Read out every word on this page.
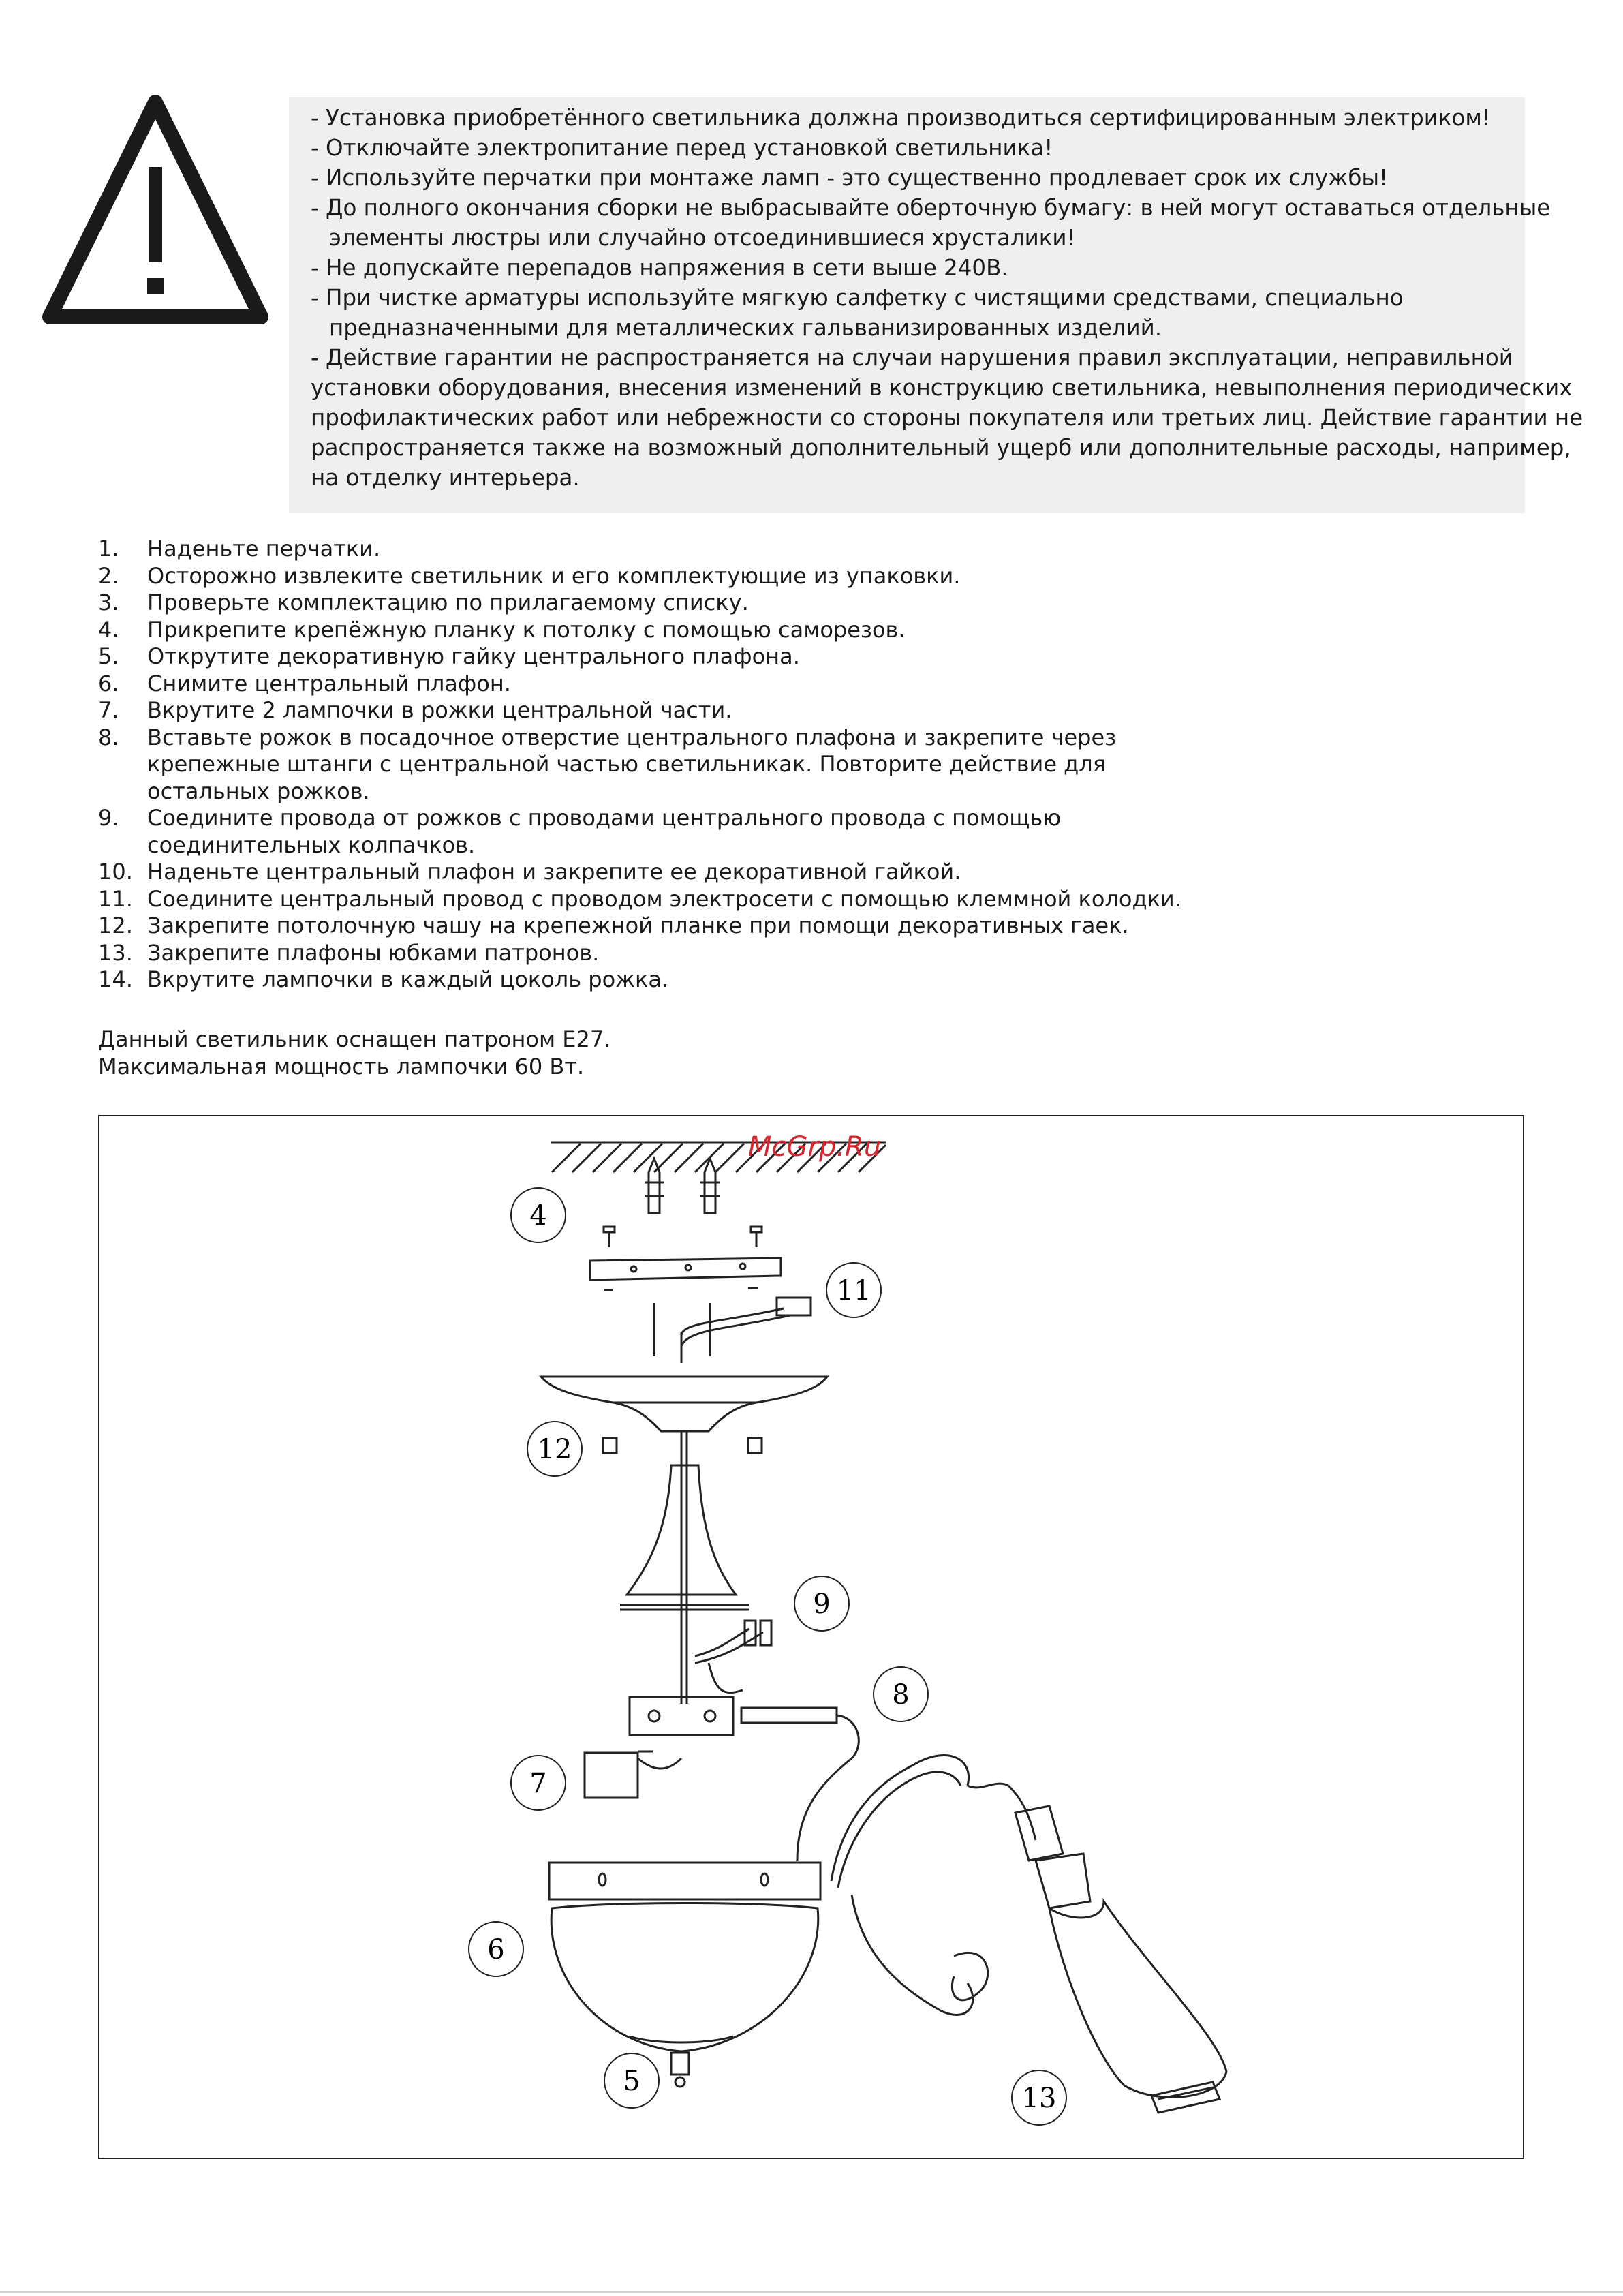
- Установка приобретённого светильника должна производиться сертифицированным электриком!
- Отключайте электропитание перед установкой светильника!
- Используйте перчатки при монтаже ламп - это существенно продлевает срок их службы!
- До полного окончания сборки не выбрасывайте оберточную бумагу: в ней могут оставаться отдельные
элементы люстры или случайно отсоединившиеся хрусталики!
- Не допускайте перепадов напряжения в сети выше 240В.
- При чистке арматуры используйте мягкую салфетку с чистящими средствами, специально
предназначенными для металлических гальванизированных изделий.
- Действие гарантии не распространяется на случаи нарушения правил эксплуатации, неправильной
установки оборудования, внесения изменений в конструкцию светильника, невыполнения периодических
профилактических работ или небрежности со стороны покупателя или третьих лиц. Действие гарантии не
распространяется также на возможный дополнительный ущерб или дополнительные расходы, например,
на отделку интерьера.
1.	Наденьте перчатки.
2.	Осторожно извлеките светильник и его комплектующие из упаковки.
3.	Проверьте комплектацию по прилагаемому списку.
4.	Прикрепите крепёжную планку к потолку с помощью саморезов.
5.	Открутите декоративную гайку центрального плафона.
6.	Снимите центральный плафон.
7.	Вкрутите 2 лампочки в рожки центральной части.
8.	Вставьте рожок в посадочное отверстие центрального плафона и закрепите через
крепежные штанги с центральной частью светильникак. Повторите действие для
остальных рожков.
9.	Соедините провода от рожков с проводами центрального провода с помощью
соединительных колпачков.
10. Наденьте центральный плафон и закрепите ее декоративной гайкой.
11. Соедините центральный провод с проводом электросети с помощью клеммной колодки.
12. Закрепите потолочную чашу на крепежной планке при помощи декоративных гаек.
13. Закрепите плафоны юбками патронов.
14. Вкрутите лампочки в каждый цоколь рожка.
Данный светильник оснащен патроном E27.
Максимальная мощность лампочки 60 Вт.
4
11
12
9
8
7
6
5
13
McGrp.Ru
